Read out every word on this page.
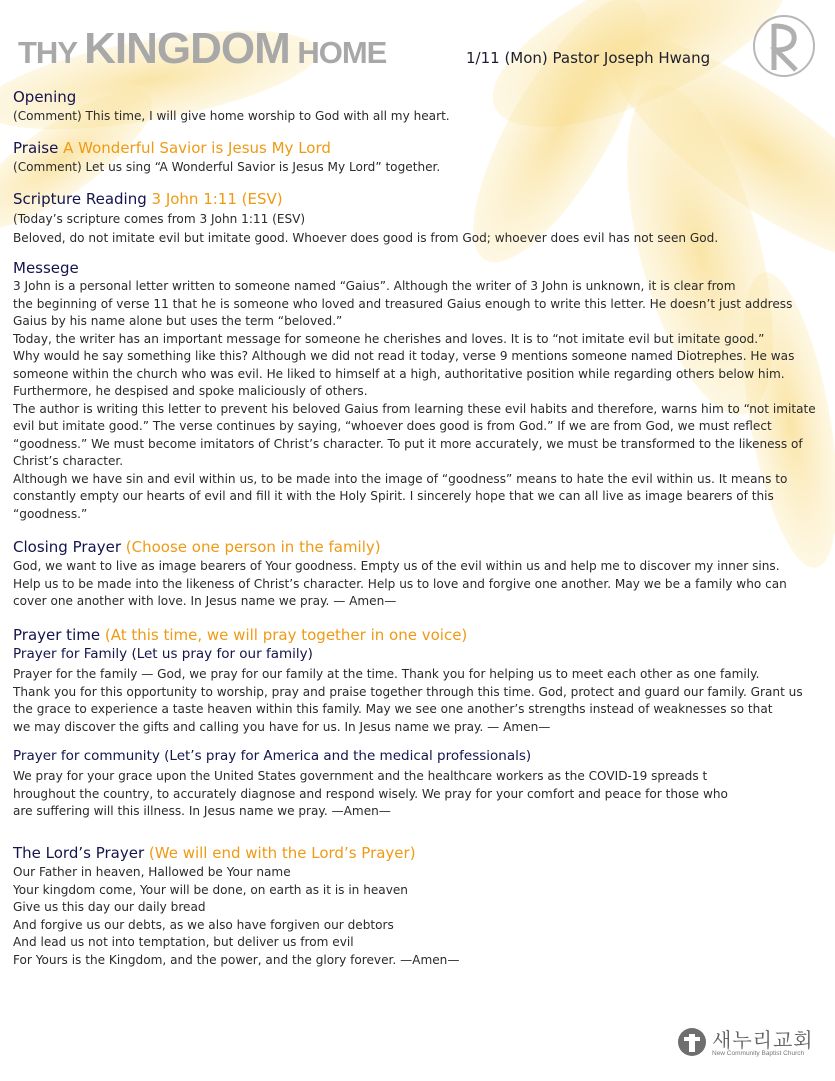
THY KINGDOM HOME	1/11 (Mon) Pastor Joseph Hwang
Opening
(Comment) This time, I will give home worship to God with all my heart.
Praise A Wonderful Savior is Jesus My Lord
(Comment) Let us sing “A Wonderful Savior is Jesus My Lord” together.
Scripture Reading 3 John 1:11 (ESV)
(Today’s scripture comes from 3 John 1:11 (ESV)
Beloved, do not imitate evil but imitate good. Whoever does good is from God; whoever does evil has not seen God.
Messege
3 John is a personal letter written to someone named “Gaius”. Although the writer of 3 John is unknown, it is clear from
the beginning of verse 11 that he is someone who loved and treasured Gaius enough to write this letter. He doesn’t just address
Gaius by his name alone but uses the term “beloved.”
Today, the writer has an important message for someone he cherishes and loves. It is to “not imitate evil but imitate good.”
Why would he say something like this? Although we did not read it today, verse 9 mentions someone named Diotrephes. He was
someone within the church who was evil. He liked to himself at a high, authoritative position while regarding others below him.
Furthermore, he despised and spoke maliciously of others.
The author is writing this letter to prevent his beloved Gaius from learning these evil habits and therefore, warns him to “not imitate
evil but imitate good.” The verse continues by saying, “whoever does good is from God.” If we are from God, we must reflect
“goodness.” We must become imitators of Christ’s character. To put it more accurately, we must be transformed to the likeness of
Christ’s character.
Although we have sin and evil within us, to be made into the image of “goodness” means to hate the evil within us. It means to
constantly empty our hearts of evil and fill it with the Holy Spirit. I sincerely hope that we can all live as image bearers of this
“goodness.”
Closing Prayer (Choose one person in the family)
God, we want to live as image bearers of Your goodness. Empty us of the evil within us and help me to discover my inner sins.
Help us to be made into the likeness of Christ’s character. Help us to love and forgive one another. May we be a family who can
cover one another with love. In Jesus name we pray. — Amen—
Prayer time (At this time, we will pray together in one voice)
Prayer for Family (Let us pray for our family)
Prayer for the family — God, we pray for our family at the time. Thank you for helping us to meet each other as one family.
Thank you for this opportunity to worship, pray and praise together through this time. God, protect and guard our family. Grant us
the grace to experience a taste heaven within this family. May we see one another’s strengths instead of weaknesses so that
we may discover the gifts and calling you have for us. In Jesus name we pray. — Amen—
Prayer for community (Let’s pray for America and the medical professionals)
We pray for your grace upon the United States government and the healthcare workers as the COVID-19 spreads t
hroughout the country, to accurately diagnose and respond wisely. We pray for your comfort and peace for those who
are suffering will this illness. In Jesus name we pray. —Amen—
The Lord’s Prayer (We will end with the Lord’s Prayer)
Our Father in heaven, Hallowed be Your name
Your kingdom come, Your will be done, on earth as it is in heaven
Give us this day our daily bread
And forgive us our debts, as we also have forgiven our debtors
And lead us not into temptation, but deliver us from evil
For Yours is the Kingdom, and the power, and the glory forever. —Amen—
새누리교회
New Community Baptist Church
